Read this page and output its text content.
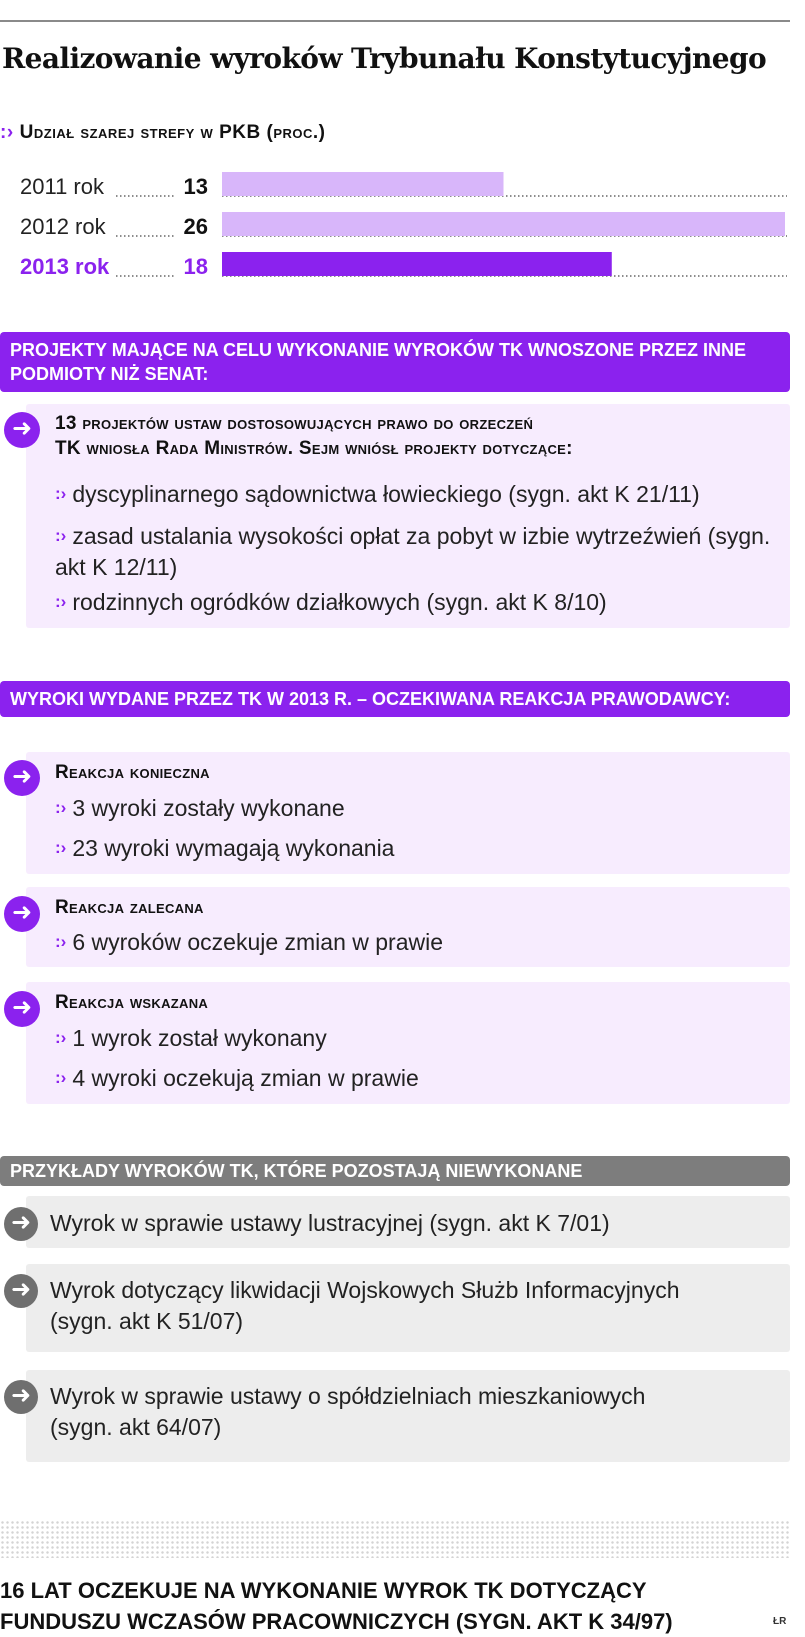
Realizowanie wyroków Trybunału Konstytucyjnego
:› Udział szarej strefy w PKB (proc.)
2011 rok	13
2012 rok	26
2013 rok	18
PROJEKTY MAJĄCE NA CELU WYKONANIE WYROKÓW TK WNOSZONE PRZEZ INNE PODMIOTY NIŻ SENAT:
➜	13 projektów ustaw dostosowujących prawo do orzeczeń
TK wniosła Rada Ministrów. Sejm wniósł projekty dotyczące:
:› dyscyplinarnego sądownictwa łowieckiego (sygn. akt K 21/11)
:› zasad ustalania wysokości opłat za pobyt w izbie wytrzeźwień (sygn. akt K 12/11)
:› rodzinnych ogródków działkowych (sygn. akt K 8/10)
WYROKI WYDANE PRZEZ TK W 2013 R. – OCZEKIWANA REAKCJA PRAWODAWCY:
➜	Reakcja konieczna
:› 3 wyroki zostały wykonane
:› 23 wyroki wymagają wykonania
➜	Reakcja zalecana
:› 6 wyroków oczekuje zmian w prawie
➜	Reakcja wskazana
:› 1 wyrok został wykonany
:› 4 wyroki oczekują zmian w prawie
PRZYKŁADY WYROKÓW TK, KTÓRE POZOSTAJĄ NIEWYKONANE
➜ Wyrok w sprawie ustawy lustracyjnej (sygn. akt K 7/01)
➜ Wyrok dotyczący likwidacji Wojskowych Służb Informacyjnych
(sygn. akt K 51/07)
➜ Wyrok w sprawie ustawy o spółdzielniach mieszkaniowych
(sygn. akt 64/07)
16 LAT OCZEKUJE NA WYKONANIE WYROK TK DOTYCZĄCY
FUNDUSZU WCZASÓW PRACOWNICZYCH (SYGN. AKT K 34/97)	ŁR
